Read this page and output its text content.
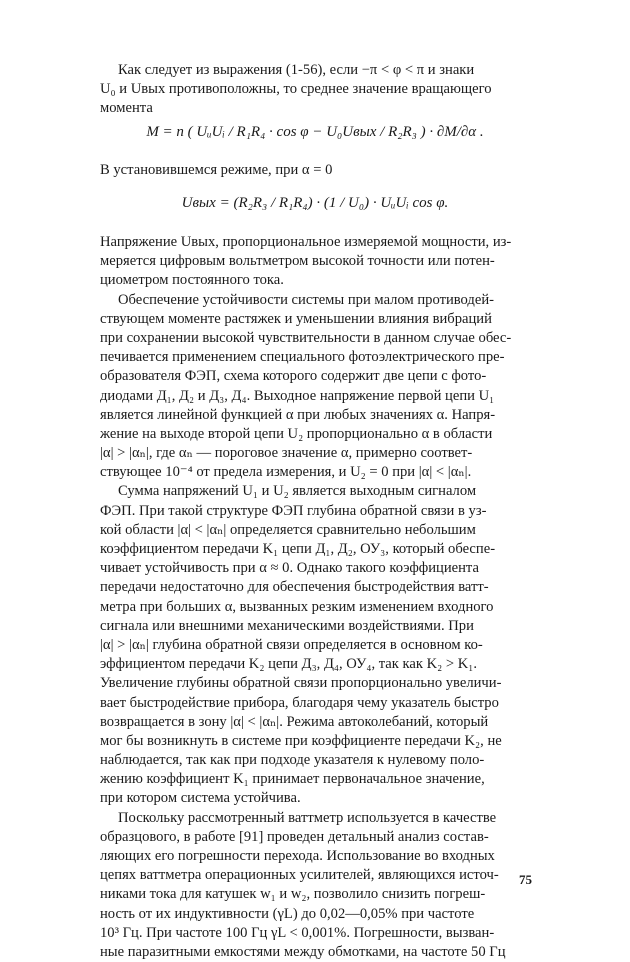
Как следует из выражения (1-56), если −π < φ < π и знаки
U₀ и Uвых противоположны, то среднее значение вращающего
момента
M = n ( UᵤUᵢ / R₁R₄ · cos φ − U₀Uвых / R₂R₃ ) · ∂M/∂α .
В установившемся режиме, при α = 0
Uвых = (R₂R₃ / R₁R₄) · (1 / U₀) · UᵤUᵢ cos φ.
Напряжение Uвых, пропорциональное измеряемой мощности, из-
меряется цифровым вольтметром высокой точности или потен-
циометром постоянного тока.
Обеспечение устойчивости системы при малом противодей-
ствующем моменте растяжек и уменьшении влияния вибраций
при сохранении высокой чувствительности в данном случае обес-
печивается применением специального фотоэлектрического пре-
образователя ФЭП, схема которого содержит две цепи с фото-
диодами Д₁, Д₂ и Д₃, Д₄. Выходное напряжение первой цепи U₁
является линейной функцией α при любых значениях α. Напря-
жение на выходе второй цепи U₂ пропорционально α в области
|α| > |αₙ|, где αₙ — пороговое значение α, примерно соответ-
ствующее 10⁻⁴ от предела измерения, и U₂ = 0 при |α| < |αₙ|.
Сумма напряжений U₁ и U₂ является выходным сигналом
ФЭП. При такой структуре ФЭП глубина обратной связи в уз-
кой области |α| < |αₙ| определяется сравнительно небольшим
коэффициентом передачи K₁ цепи Д₁, Д₂, ОУ₃, который обеспе-
чивает устойчивость при α ≈ 0. Однако такого коэффициента
передачи недостаточно для обеспечения быстродействия ватт-
метра при больших α, вызванных резким изменением входного
сигнала или внешними механическими воздействиями. При
|α| > |αₙ| глубина обратной связи определяется в основном ко-
эффициентом передачи K₂ цепи Д₃, Д₄, ОУ₄, так как K₂ > K₁.
Увеличение глубины обратной связи пропорционально увеличи-
вает быстродействие прибора, благодаря чему указатель быстро
возвращается в зону |α| < |αₙ|. Режима автоколебаний, который
мог бы возникнуть в системе при коэффициенте передачи K₂, не
наблюдается, так как при подходе указателя к нулевому поло-
жению коэффициент K₁ принимает первоначальное значение,
при котором система устойчива.
Поскольку рассмотренный ваттметр используется в качестве
образцового, в работе [91] проведен детальный анализ состав-
ляющих его погрешности перехода. Использование во входных
цепях ваттметра операционных усилителей, являющихся источ-
никами тока для катушек w₁ и w₂, позволило снизить погреш-
ность от их индуктивности (γL) до 0,02—0,05% при частоте
10³ Гц. При частоте 100 Гц γL < 0,001%. Погрешности, вызван-
ные паразитными емкостями между обмотками, на частоте 50 Гц
75
